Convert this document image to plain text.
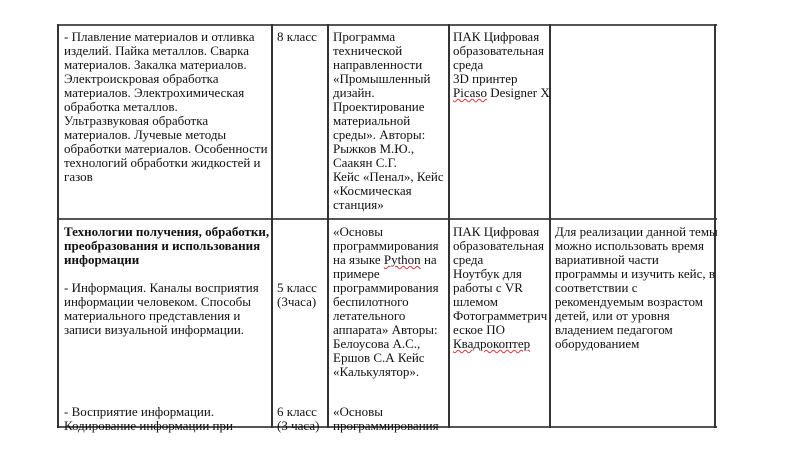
- Плавление материалов и отливка
изделий. Пайка металлов. Сварка
материалов. Закалка материалов.
Электроискровая обработка
материалов. Электрохимическая
обработка металлов.
Ультразвуковая обработка
материалов. Лучевые методы
обработки материалов. Особенности
технологий обработки жидкостей и
газов
8 класс Программа
технической
направленности
«Промышленный
дизайн.
Проектирование
материальной
среды». Авторы:
Рыжков М.Ю.,
Саакян С.Г.
Кейс «Пенал», Кейс
«Космическая
станция»
ПАК Цифровая
образовательная
среда
3D принтер
Picaso Designer X
Технологии получения, обработки,
преобразования и использования
информации
- Информация. Каналы восприятия
информации человеком. Способы
материального представления и
записи визуальной информации.
5 класс
(3часа)
«Основы
программирования
на языке Python на
примере
программирования
беспилотного
летательного
аппарата» Авторы:
Белоусова А.С.,
Ершов С.А Кейс
«Калькулятор».
ПАК Цифровая
образовательная
среда
Ноутбук для
работы с VR
шлемом
Фотограмметрич
еское ПО
Квадрокоптер
Для реализации данной темы
можно использовать время
вариативной части
программы и изучить кейс, в
соответствии с
рекомендуемым возрастом
детей, или от уровня
владением педагогом
оборудованием
- Восприятие информации.
Кодирование информации при
6 класс
(3 часа)
«Основы
программирования
